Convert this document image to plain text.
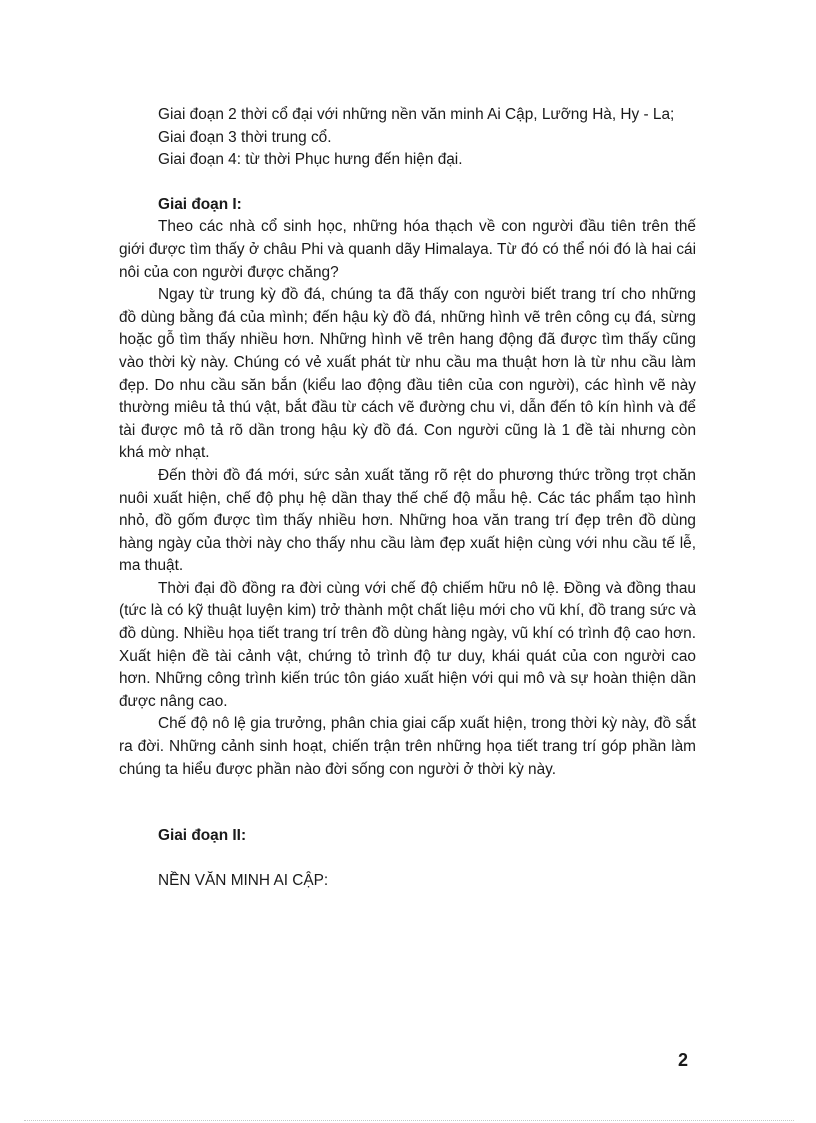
Giai đoạn 2 thời cổ đại với những nền văn minh Ai Cập, Lưỡng Hà, Hy - La;

Giai đoạn 3 thời trung cổ.

Giai đoạn 4: từ thời Phục hưng đến hiện đại.

Giai đoạn I:

Theo các nhà cổ sinh học, những hóa thạch về con người đầu tiên trên thế giới được tìm thấy ở châu Phi và quanh dãy Himalaya. Từ đó có thể nói đó là hai cái nôi của con người được chăng?

Ngay từ trung kỳ đồ đá, chúng ta đã thấy con người biết trang trí cho những đồ dùng bằng đá của mình; đến hậu kỳ đồ đá, những hình vẽ trên công cụ đá, sừng hoặc gỗ tìm thấy nhiều hơn. Những hình vẽ trên hang động đã được tìm thấy cũng vào thời kỳ này. Chúng có vẻ xuất phát từ nhu cầu ma thuật hơn là từ nhu cầu làm đẹp. Do nhu cầu săn bắn (kiểu lao động đầu tiên của con người), các hình vẽ này thường miêu tả thú vật, bắt đầu từ cách vẽ đường chu vi, dẫn đến tô kín hình và để tài được mô tả rõ dần trong hậu kỳ đồ đá. Con người cũng là 1 đề tài nhưng còn khá mờ nhạt.

Đến thời đồ đá mới, sức sản xuất tăng rõ rệt do phương thức trồng trọt chăn nuôi xuất hiện, chế độ phụ hệ dần thay thế chế độ mẫu hệ. Các tác phẩm tạo hình nhỏ, đồ gốm được tìm thấy nhiều hơn. Những hoa văn trang trí đẹp trên đồ dùng hàng ngày của thời này cho thấy nhu cầu làm đẹp xuất hiện cùng với nhu cầu tế lễ, ma thuật.

Thời đại đồ đồng ra đời cùng với chế độ chiếm hữu nô lệ. Đồng và đồng thau (tức là có kỹ thuật luyện kim) trở thành một chất liệu mới cho vũ khí, đồ trang sức và đồ dùng. Nhiều họa tiết trang trí trên đồ dùng hàng ngày, vũ khí có trình độ cao hơn. Xuất hiện đề tài cảnh vật, chứng tỏ trình độ tư duy, khái quát của con người cao hơn. Những công trình kiến trúc tôn giáo xuất hiện với qui mô và sự hoàn thiện dần được nâng cao.

Chế độ nô lệ gia trưởng, phân chia giai cấp xuất hiện, trong thời kỳ này, đồ sắt ra đời. Những cảnh sinh hoạt, chiến trận trên những họa tiết trang trí góp phần làm chúng ta hiểu được phần nào đời sống con người ở thời kỳ này.

Giai đoạn II:

NỀN VĂN MINH AI CẬP:

2
